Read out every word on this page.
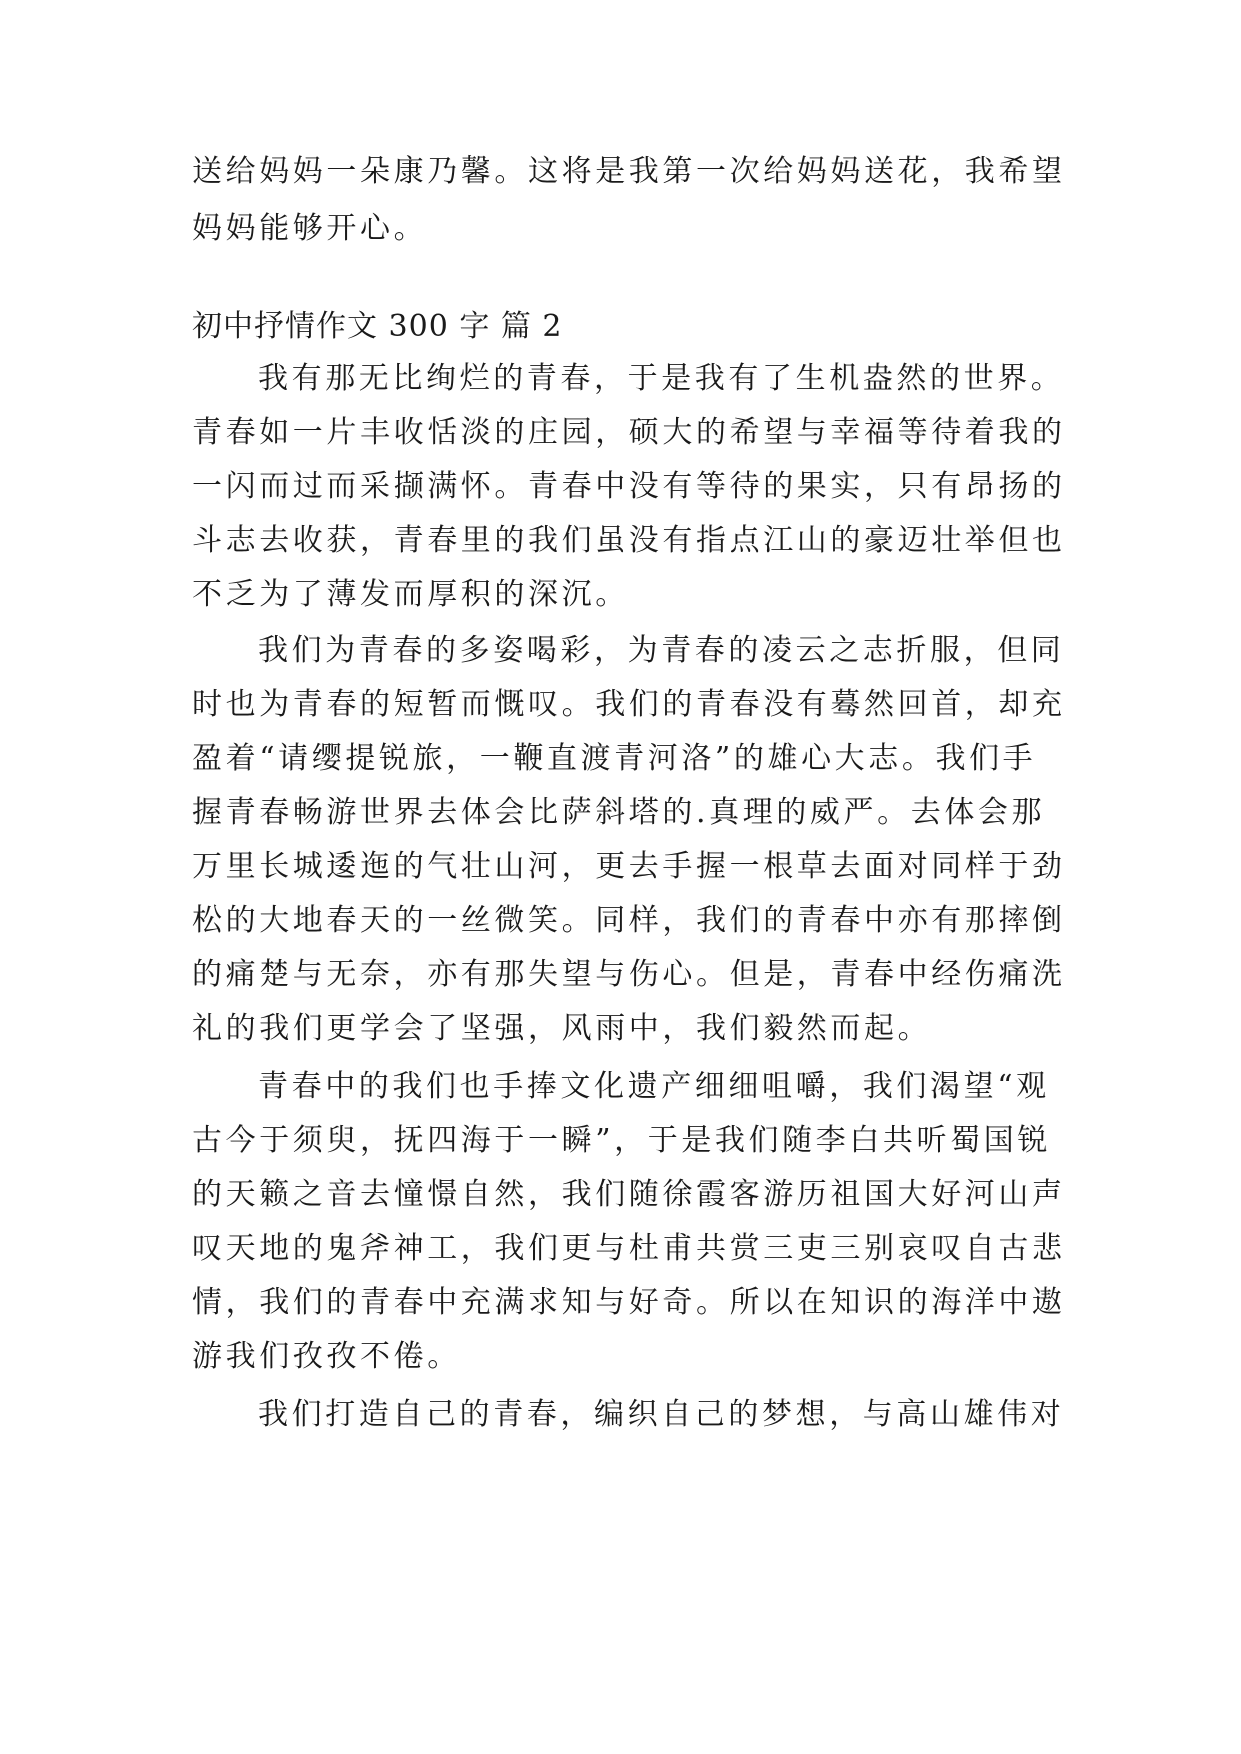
送给妈妈一朵康乃馨。这将是我第一次给妈妈送花，我希望
妈妈能够开心。
初中抒情作文 300 字 篇 2
我有那无比绚烂的青春，于是我有了生机盎然的世界。
青春如一片丰收恬淡的庄园，硕大的希望与幸福等待着我的
一闪而过而采撷满怀。青春中没有等待的果实，只有昂扬的
斗志去收获，青春里的我们虽没有指点江山的豪迈壮举但也
不乏为了薄发而厚积的深沉。
我们为青春的多姿喝彩，为青春的凌云之志折服，但同
时也为青春的短暂而慨叹。我们的青春没有蓦然回首，却充
盈着“请缨提锐旅，一鞭直渡青河洛”的雄心大志。我们手
握青春畅游世界去体会比萨斜塔的.真理的威严。去体会那
万里长城逶迤的气壮山河，更去手握一根草去面对同样于劲
松的大地春天的一丝微笑。同样，我们的青春中亦有那摔倒
的痛楚与无奈，亦有那失望与伤心。但是，青春中经伤痛洗
礼的我们更学会了坚强，风雨中，我们毅然而起。
青春中的我们也手捧文化遗产细细咀嚼，我们渴望“观
古今于须臾，抚四海于一瞬”，于是我们随李白共听蜀国锐
的天籁之音去憧憬自然，我们随徐霞客游历祖国大好河山声
叹天地的鬼斧神工，我们更与杜甫共赏三吏三别哀叹自古悲
情，我们的青春中充满求知与好奇。所以在知识的海洋中遨
游我们孜孜不倦。
我们打造自己的青春，编织自己的梦想，与高山雄伟对
